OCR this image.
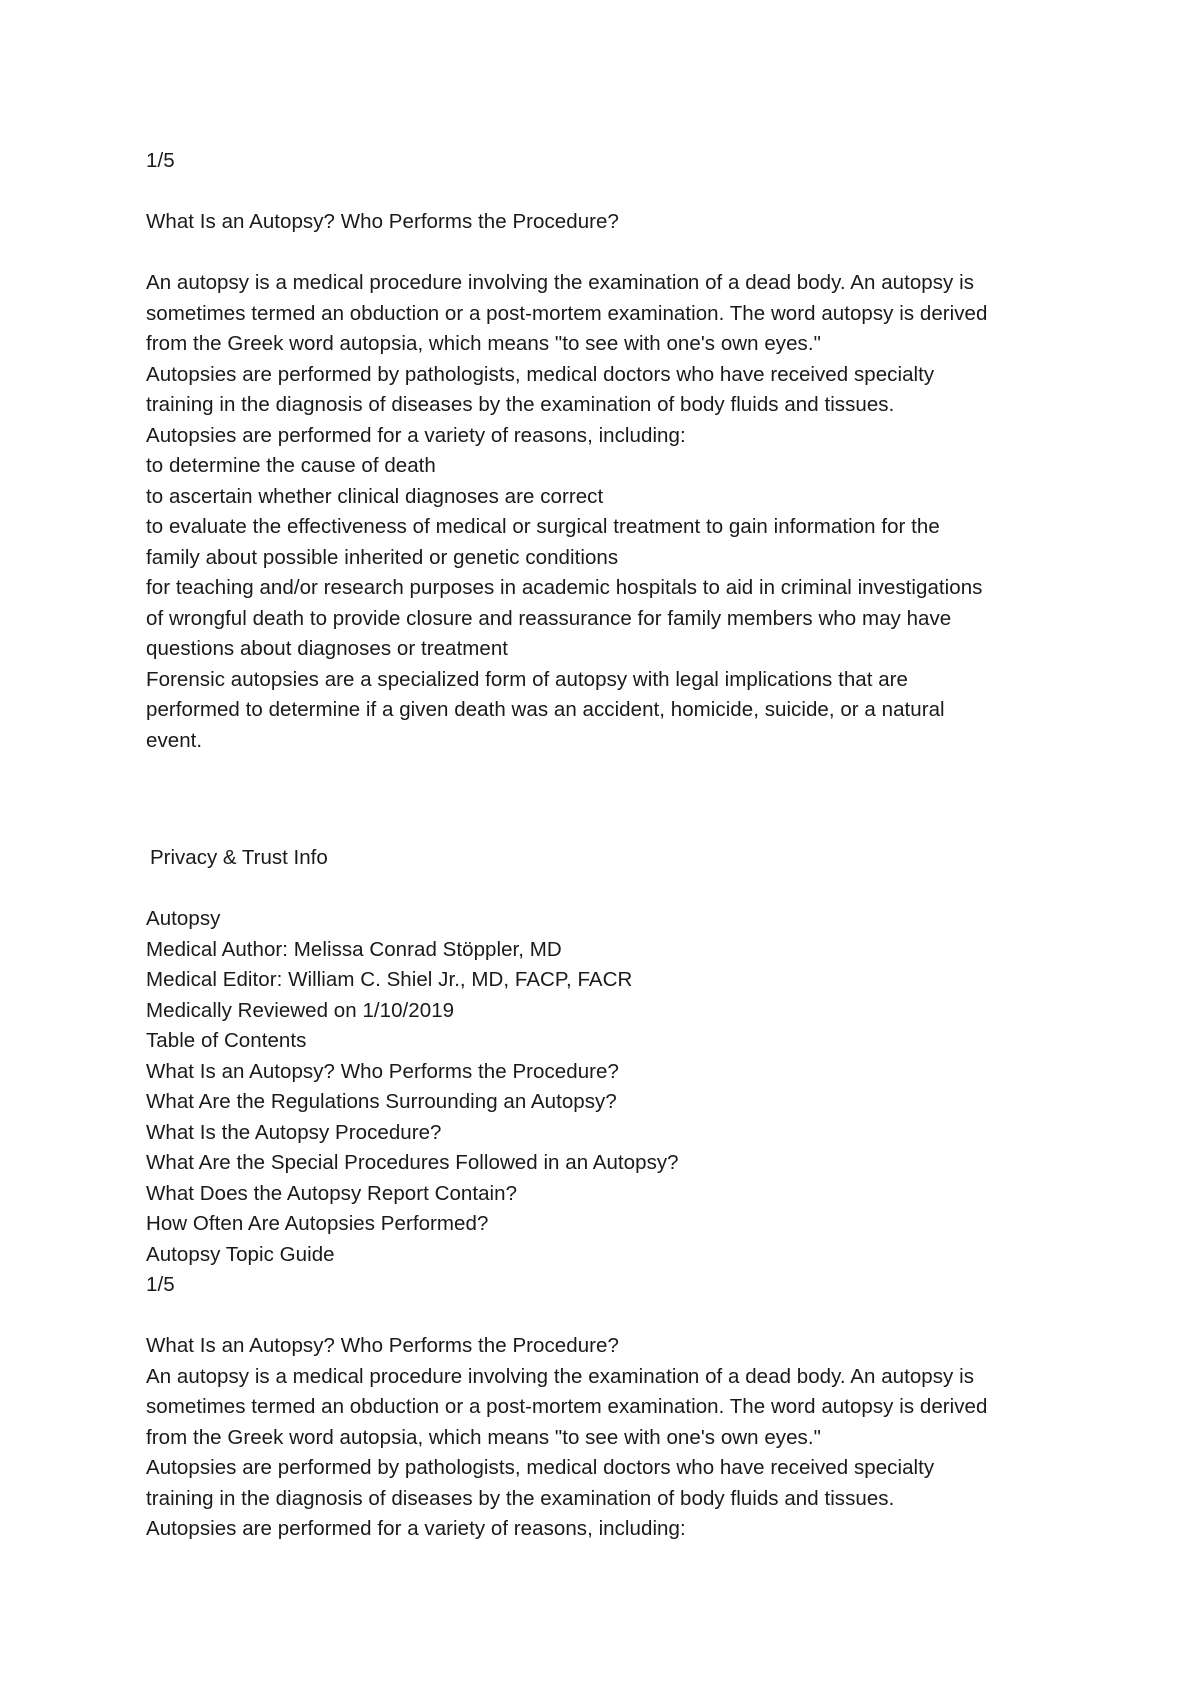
1/5
What Is an Autopsy? Who Performs the Procedure?
An autopsy is a medical procedure involving the examination of a dead body. An autopsy is
sometimes termed an obduction or a post-mortem examination. The word autopsy is derived
from the Greek word autopsia, which means "to see with one's own eyes."
Autopsies are performed by pathologists, medical doctors who have received specialty
training in the diagnosis of diseases by the examination of body fluids and tissues.
Autopsies are performed for a variety of reasons, including:
to determine the cause of death
to ascertain whether clinical diagnoses are correct
to evaluate the effectiveness of medical or surgical treatment to gain information for the
family about possible inherited or genetic conditions
for teaching and/or research purposes in academic hospitals to aid in criminal investigations
of wrongful death to provide closure and reassurance for family members who may have
questions about diagnoses or treatment
Forensic autopsies are a specialized form of autopsy with legal implications that are
performed to determine if a given death was an accident, homicide, suicide, or a natural
event.
Privacy & Trust Info
Autopsy
Medical Author: Melissa Conrad Stöppler, MD
Medical Editor: William C. Shiel Jr., MD, FACP, FACR
Medically Reviewed on 1/10/2019
Table of Contents
What Is an Autopsy? Who Performs the Procedure?
What Are the Regulations Surrounding an Autopsy?
What Is the Autopsy Procedure?
What Are the Special Procedures Followed in an Autopsy?
What Does the Autopsy Report Contain?
How Often Are Autopsies Performed?
Autopsy Topic Guide
1/5
What Is an Autopsy? Who Performs the Procedure?
An autopsy is a medical procedure involving the examination of a dead body. An autopsy is
sometimes termed an obduction or a post-mortem examination. The word autopsy is derived
from the Greek word autopsia, which means "to see with one's own eyes."
Autopsies are performed by pathologists, medical doctors who have received specialty
training in the diagnosis of diseases by the examination of body fluids and tissues.
Autopsies are performed for a variety of reasons, including:
